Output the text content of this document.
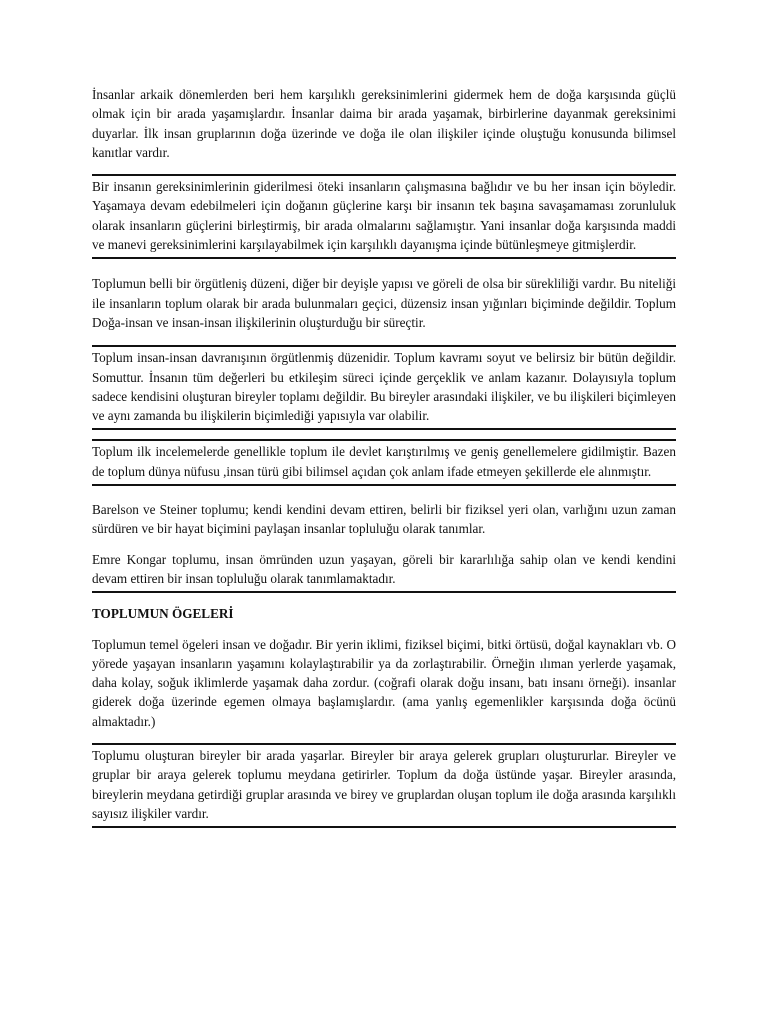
İnsanlar arkaik dönemlerden beri hem karşılıklı gereksinimlerini gidermek hem de doğa karşısında güçlü olmak için bir arada yaşamışlardır. İnsanlar daima bir arada yaşamak, birbirlerine dayanmak gereksinimi duyarlar. İlk insan gruplarının doğa üzerinde ve doğa ile olan ilişkiler içinde oluştuğu konusunda bilimsel kanıtlar vardır.

Bir insanın gereksinimlerinin giderilmesi öteki insanların çalışmasına bağlıdır ve bu her insan için böyledir. Yaşamaya devam edebilmeleri için doğanın güçlerine karşı bir insanın tek başına savaşamaması zorunluluk olarak insanların güçlerini birleştirmiş, bir arada olmalarını sağlamıştır. Yani insanlar doğa karşısında maddi ve manevi gereksinimlerini karşılayabilmek için karşılıklı dayanışma içinde bütünleşmeye gitmişlerdir.

Toplumun belli bir örgütleniş düzeni, diğer bir deyişle yapısı ve göreli de olsa bir sürekliliği vardır. Bu niteliği ile insanların toplum olarak bir arada bulunmaları geçici, düzensiz insan yığınları biçiminde değildir. Toplum Doğa-insan ve insan-insan ilişkilerinin oluşturduğu bir süreçtir.

Toplum insan-insan davranışının örgütlenmiş düzenidir. Toplum kavramı soyut ve belirsiz bir bütün değildir. Somuttur. İnsanın tüm değerleri bu etkileşim süreci içinde gerçeklik ve anlam kazanır. Dolayısıyla toplum sadece kendisini oluşturan bireyler toplamı değildir. Bu bireyler arasındaki ilişkiler, ve bu ilişkileri biçimleyen ve aynı zamanda bu ilişkilerin biçimlediği yapısıyla var olabilir.

Toplum ilk incelemelerde genellikle toplum ile devlet karıştırılmış ve geniş genellemelere gidilmiştir. Bazen de toplum dünya nüfusu ,insan türü gibi bilimsel açıdan çok anlam ifade etmeyen şekillerde ele alınmıştır.

Barelson ve Steiner toplumu; kendi kendini devam ettiren, belirli bir fiziksel yeri olan, varlığını uzun zaman sürdüren ve bir hayat biçimini paylaşan insanlar topluluğu olarak tanımlar.

Emre Kongar toplumu, insan ömründen uzun yaşayan, göreli bir kararlılığa sahip olan ve kendi kendini devam ettiren bir insan topluluğu olarak tanımlamaktadır.

TOPLUMUN ÖGELERİ

Toplumun temel ögeleri insan ve doğadır. Bir yerin iklimi, fiziksel biçimi, bitki örtüsü, doğal kaynakları vb. O yörede yaşayan insanların yaşamını kolaylaştırabilir ya da zorlaştırabilir. Örneğin ılıman yerlerde yaşamak, daha kolay, soğuk iklimlerde yaşamak daha zordur. (coğrafi olarak doğu insanı, batı insanı örneği). insanlar giderek doğa üzerinde egemen olmaya başlamışlardır. (ama yanlış egemenlikler karşısında doğa öcünü almaktadır.)

Toplumu oluşturan bireyler bir arada yaşarlar. Bireyler bir araya gelerek grupları oluştururlar. Bireyler ve gruplar bir araya gelerek toplumu meydana getirirler. Toplum da doğa üstünde yaşar. Bireyler arasında, bireylerin meydana getirdiği gruplar arasında ve birey ve gruplardan oluşan toplum ile doğa arasında karşılıklı sayısız ilişkiler vardır.
